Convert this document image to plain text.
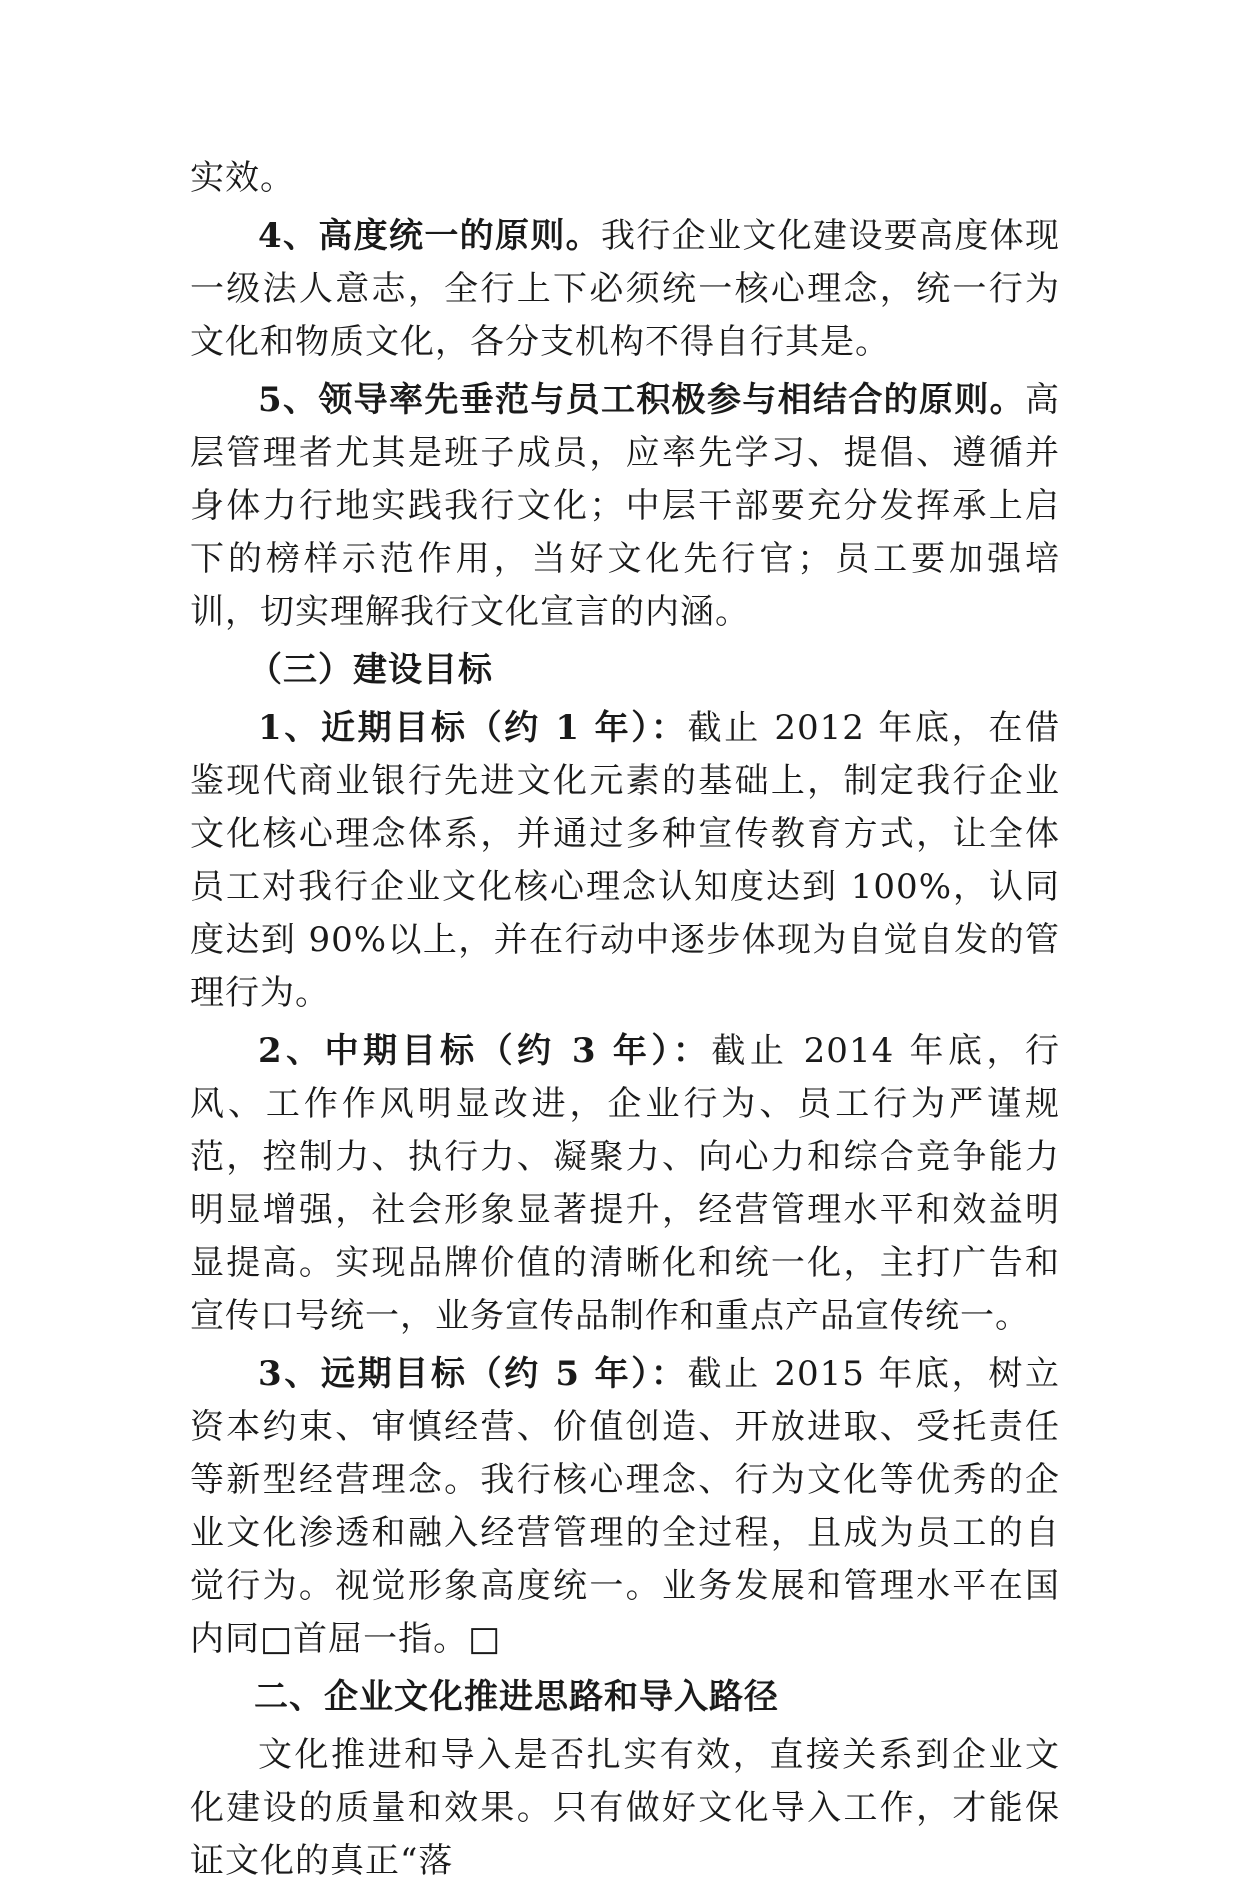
实效。

4、高度统一的原则。我行企业文化建设要高度体现一级法人意志，全行上下必须统一核心理念，统一行为文化和物质文化，各分支机构不得自行其是。

5、领导率先垂范与员工积极参与相结合的原则。高层管理者尤其是班子成员，应率先学习、提倡、遵循并身体力行地实践我行文化；中层干部要充分发挥承上启下的榜样示范作用，当好文化先行官；员工要加强培训，切实理解我行文化宣言的内涵。

（三）建设目标

1、近期目标（约 1 年）：截止 2012 年底，在借鉴现代商业银行先进文化元素的基础上，制定我行企业文化核心理念体系，并通过多种宣传教育方式，让全体员工对我行企业文化核心理念认知度达到 100%，认同度达到 90%以上，并在行动中逐步体现为自觉自发的管理行为。

2、中期目标（约 3 年）：截止 2014 年底，行风、工作作风明显改进，企业行为、员工行为严谨规范，控制力、执行力、凝聚力、向心力和综合竞争能力明显增强，社会形象显著提升，经营管理水平和效益明显提高。实现品牌价值的清晰化和统一化，主打广告和宣传口号统一，业务宣传品制作和重点产品宣传统一。

3、远期目标（约 5 年）：截止 2015 年底，树立资本约束、审慎经营、价值创造、开放进取、受托责任等新型经营理念。我行核心理念、行为文化等优秀的企业文化渗透和融入经营管理的全过程，且成为员工的自觉行为。视觉形象高度统一。业务发展和管理水平在国内同□首屈一指。□

二、企业文化推进思路和导入路径

文化推进和导入是否扎实有效，直接关系到企业文化建设的质量和效果。只有做好文化导入工作，才能保证文化的真正“落
